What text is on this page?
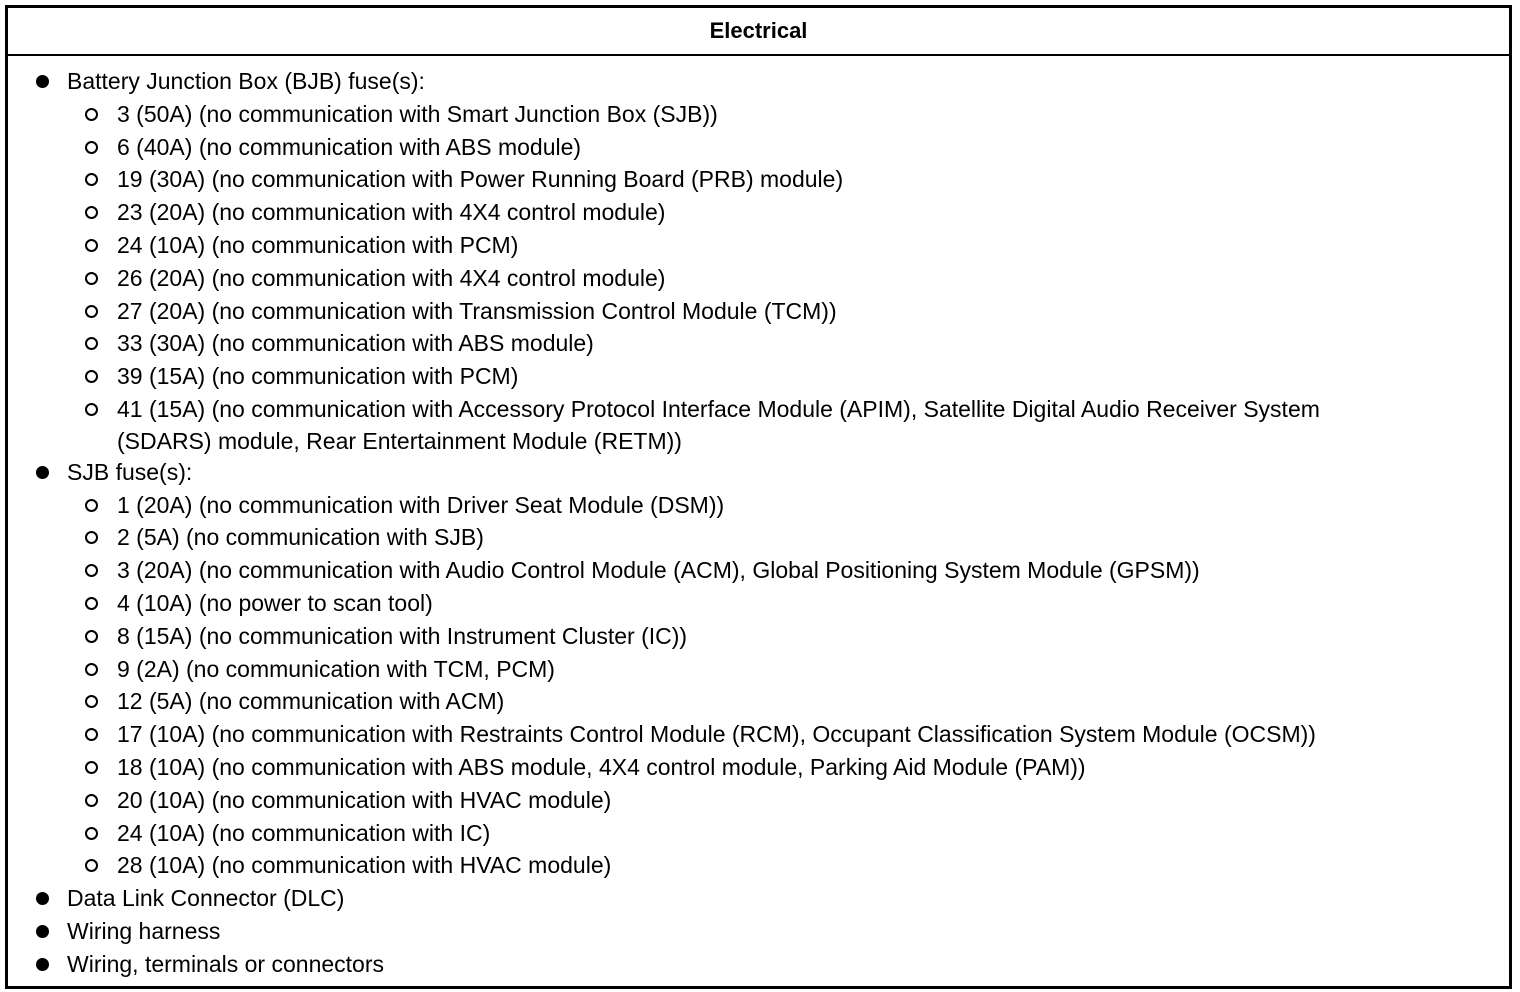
Electrical
Battery Junction Box (BJB) fuse(s):
3 (50A) (no communication with Smart Junction Box (SJB))
6 (40A) (no communication with ABS module)
19 (30A) (no communication with Power Running Board (PRB) module)
23 (20A) (no communication with 4X4 control module)
24 (10A) (no communication with PCM)
26 (20A) (no communication with 4X4 control module)
27 (20A) (no communication with Transmission Control Module (TCM))
33 (30A) (no communication with ABS module)
39 (15A) (no communication with PCM)
41 (15A) (no communication with Accessory Protocol Interface Module (APIM), Satellite Digital Audio Receiver System
(SDARS) module, Rear Entertainment Module (RETM))
SJB fuse(s):
1 (20A) (no communication with Driver Seat Module (DSM))
2 (5A) (no communication with SJB)
3 (20A) (no communication with Audio Control Module (ACM), Global Positioning System Module (GPSM))
4 (10A) (no power to scan tool)
8 (15A) (no communication with Instrument Cluster (IC))
9 (2A) (no communication with TCM, PCM)
12 (5A) (no communication with ACM)
17 (10A) (no communication with Restraints Control Module (RCM), Occupant Classification System Module (OCSM))
18 (10A) (no communication with ABS module, 4X4 control module, Parking Aid Module (PAM))
20 (10A) (no communication with HVAC module)
24 (10A) (no communication with IC)
28 (10A) (no communication with HVAC module)
Data Link Connector (DLC)
Wiring harness
Wiring, terminals or connectors
